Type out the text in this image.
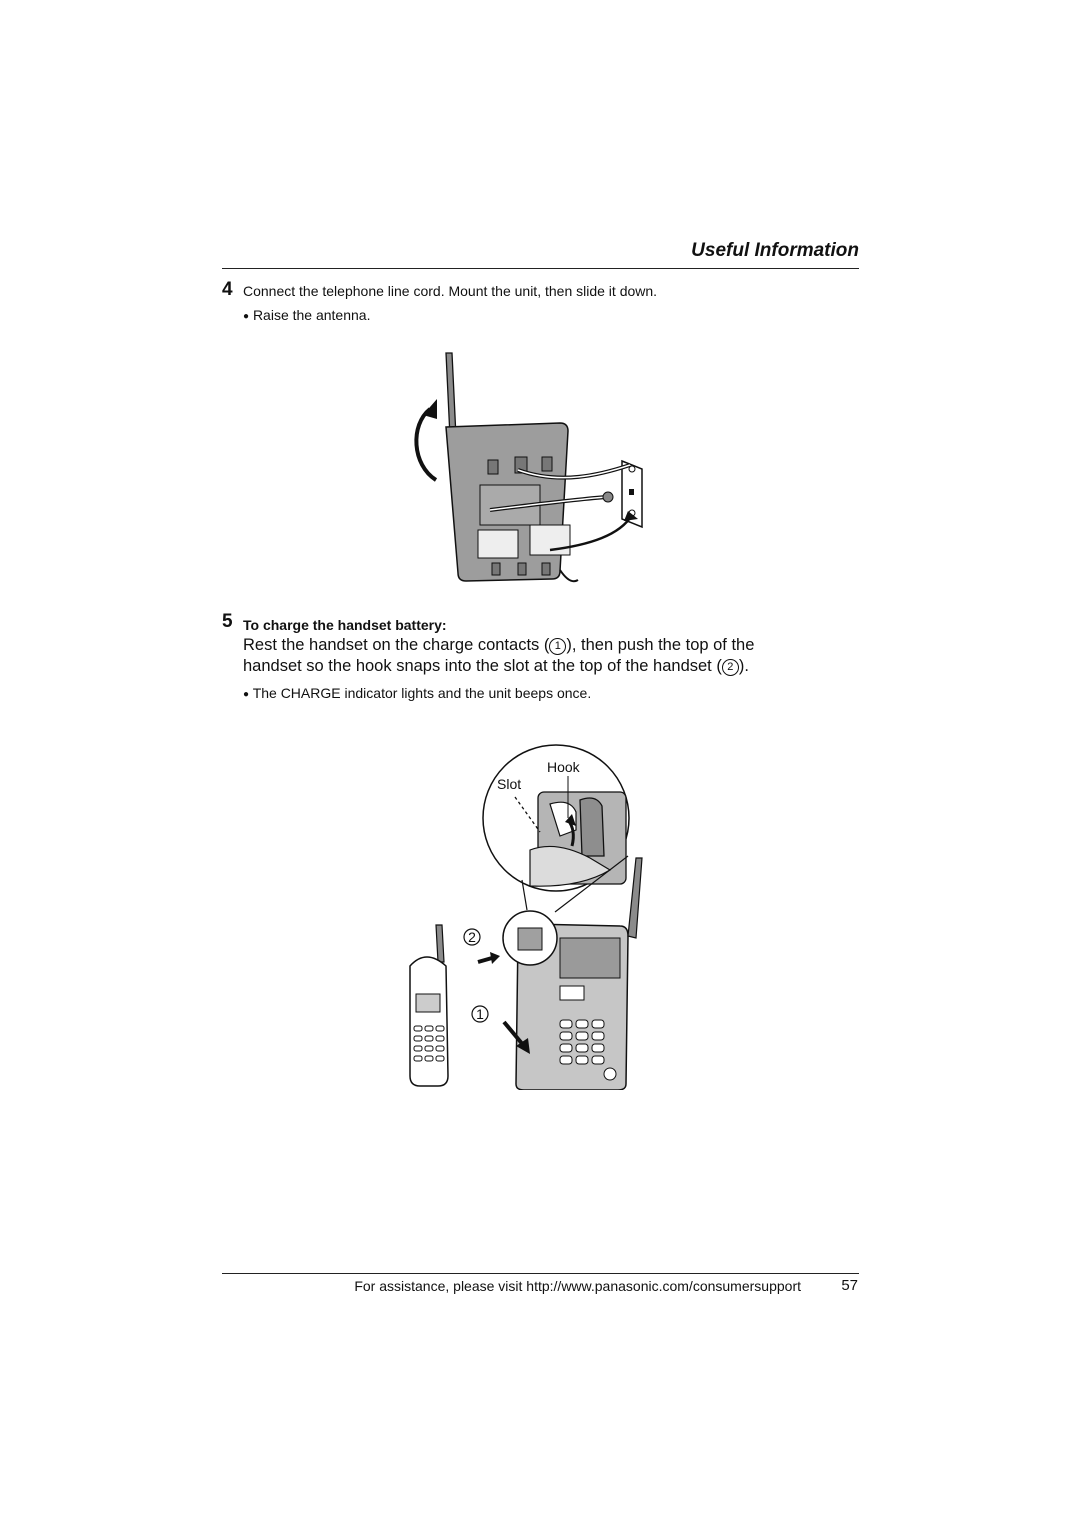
Useful Information
4 Connect the telephone line cord. Mount the unit, then slide it down.
● Raise the antenna.
5 To charge the handset battery:
Rest the handset on the charge contacts ( 1 ), then push the top of the
handset so the hook snaps into the slot at the top of the handset ( 2 ).
● The CHARGE indicator lights and the unit beeps once.
Hook
Slot
2
1
For assistance, please visit http://www.panasonic.com/consumersupport	57
